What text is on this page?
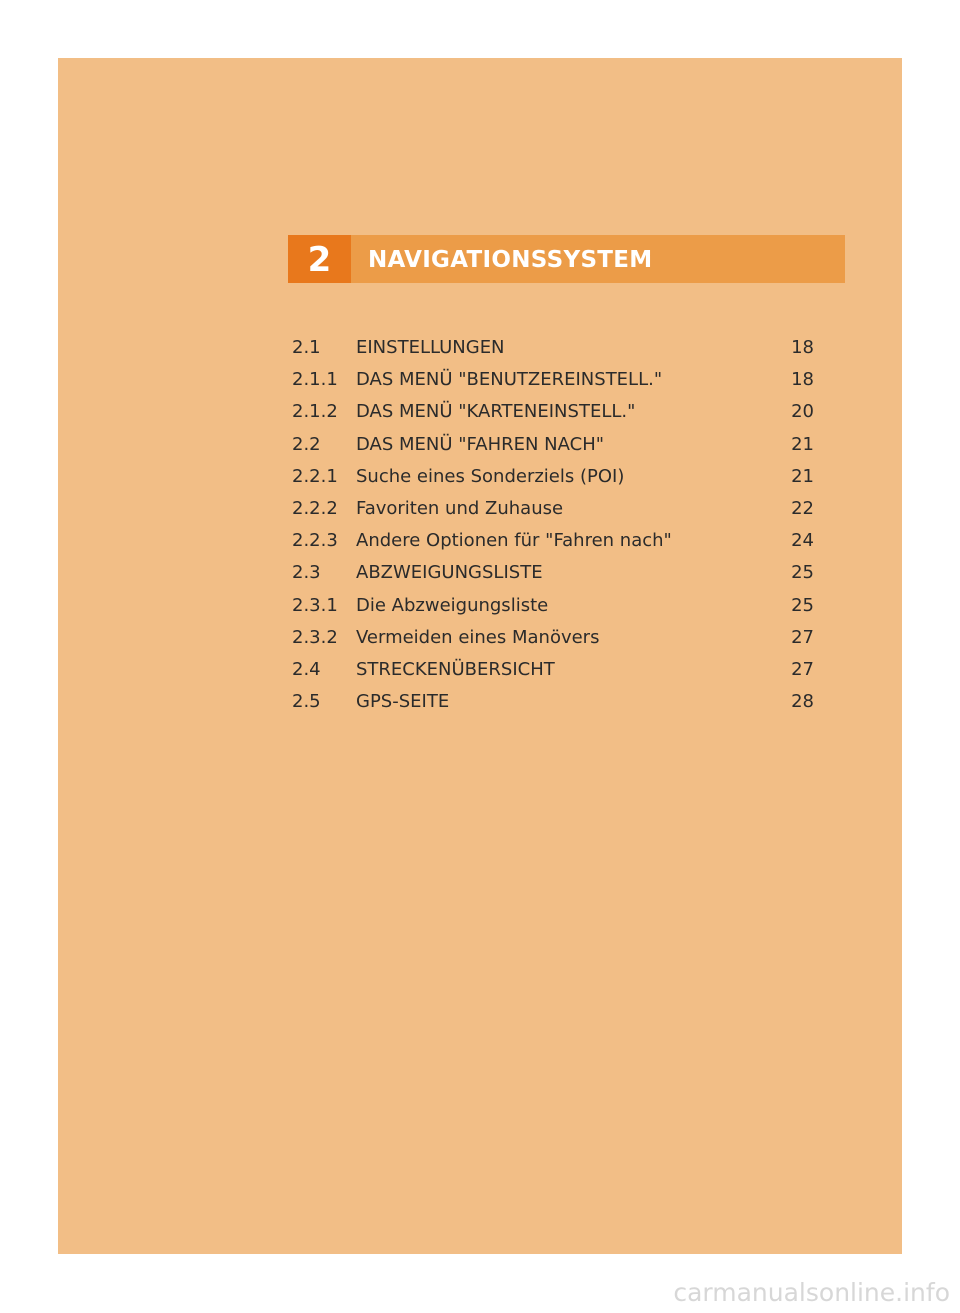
2	NAVIGATIONSSYSTEM
2.1 EINSTELLUNGEN	18
2.1.1 DAS MENÜ "BENUTZEREINSTELL."	18
2.1.2 DAS MENÜ "KARTENEINSTELL."	20
2.2 DAS MENÜ "FAHREN NACH"	21
2.2.1 Suche eines Sonderziels (POI)	21
2.2.2 Favoriten und Zuhause	22
2.2.3 Andere Optionen für "Fahren nach"	24
2.3 ABZWEIGUNGSLISTE	25
2.3.1 Die Abzweigungsliste	25
2.3.2 Vermeiden eines Manövers	27
2.4 STRECKENÜBERSICHT	27
2.5 GPS-SEITE	28
carmanualsonline.info
